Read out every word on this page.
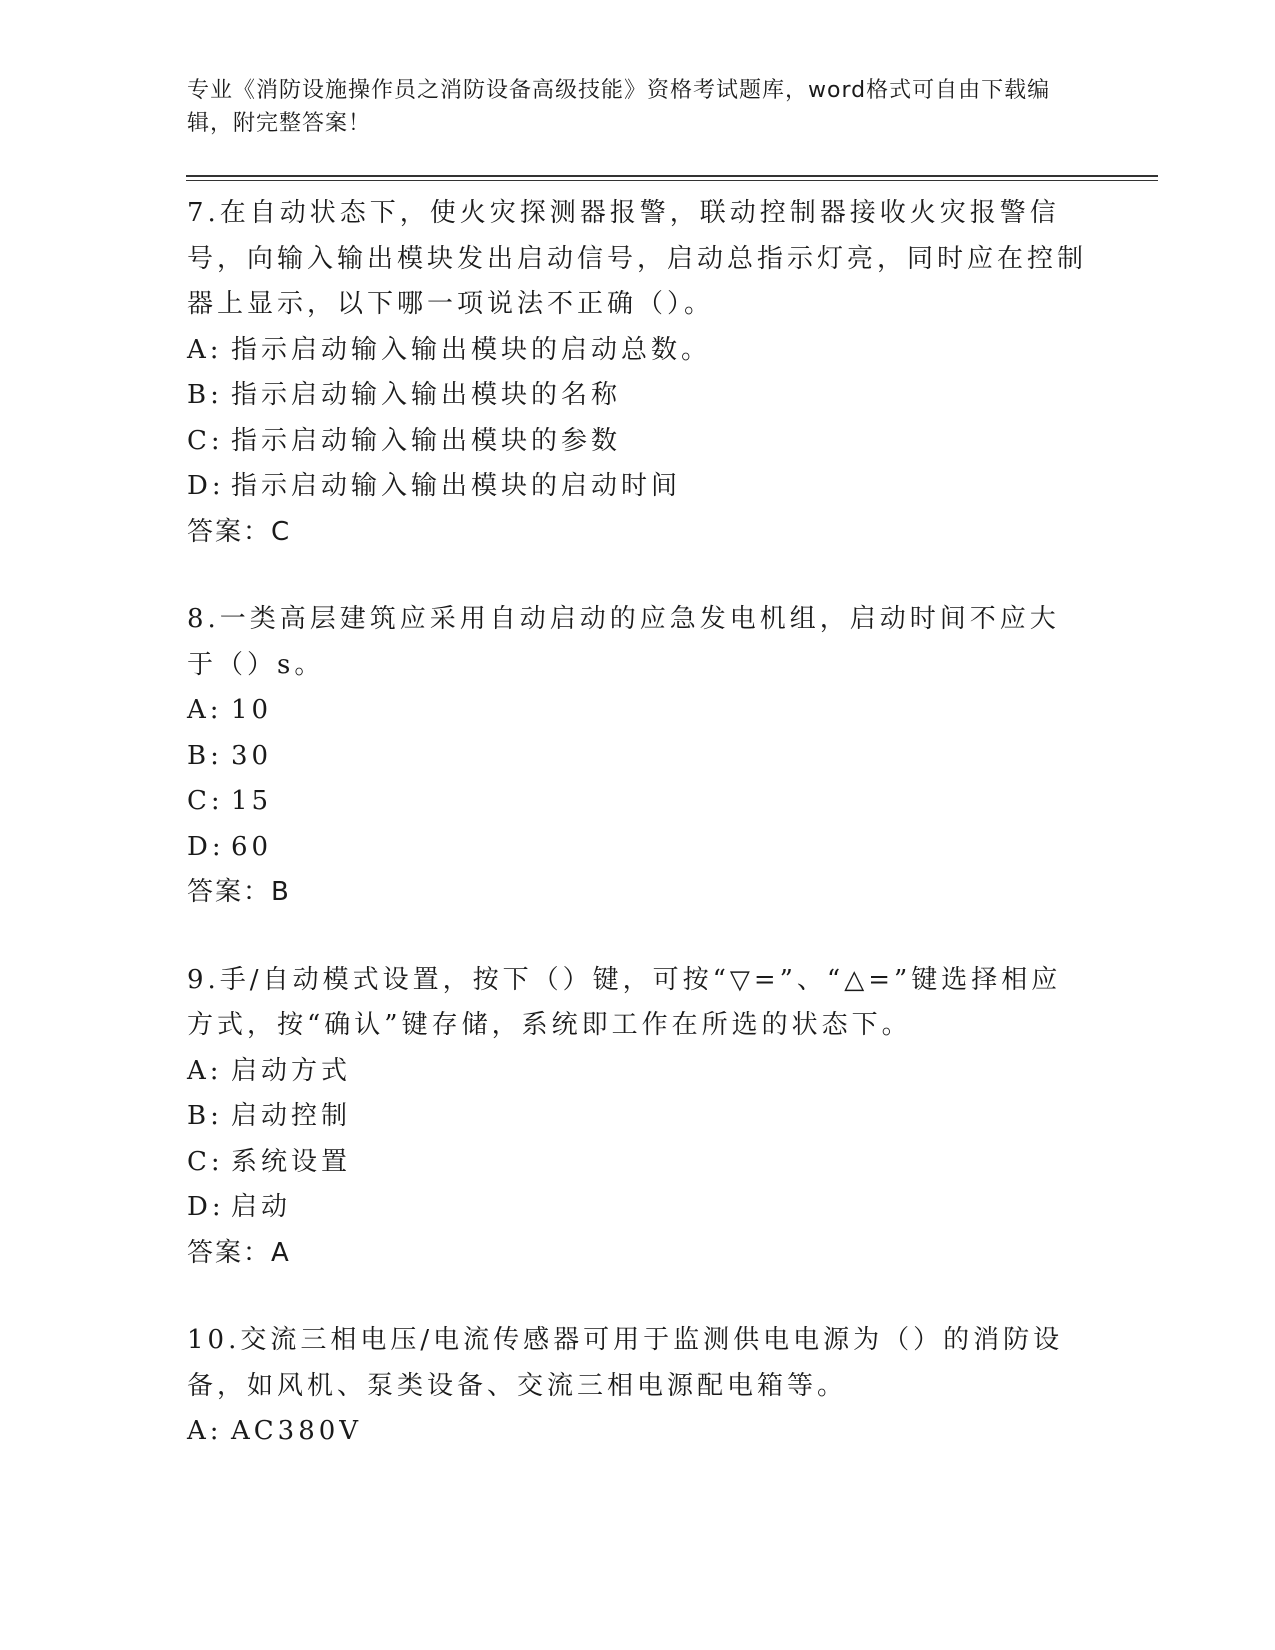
专业《消防设施操作员之消防设备高级技能》资格考试题库，word格式可自由下载编辑，附完整答案！

7.在自动状态下，使火灾探测器报警，联动控制器接收火灾报警信号，向输入输出模块发出启动信号，启动总指示灯亮，同时应在控制器上显示，以下哪一项说法不正确（）。

A: 指示启动输入输出模块的启动总数。

B: 指示启动输入输出模块的名称

C: 指示启动输入输出模块的参数

D: 指示启动输入输出模块的启动时间

答案：C

8.一类高层建筑应采用自动启动的应急发电机组，启动时间不应大于（）s。

A: 10

B: 30

C: 15

D: 60

答案：B

9.手/自动模式设置，按下（）键，可按“▽=”、“△=”键选择相应方式，按“确认”键存储，系统即工作在所选的状态下。

A: 启动方式

B: 启动控制

C: 系统设置

D: 启动

答案：A

10.交流三相电压/电流传感器可用于监测供电电源为（）的消防设备，如风机、泵类设备、交流三相电源配电箱等。

A: AC380V
